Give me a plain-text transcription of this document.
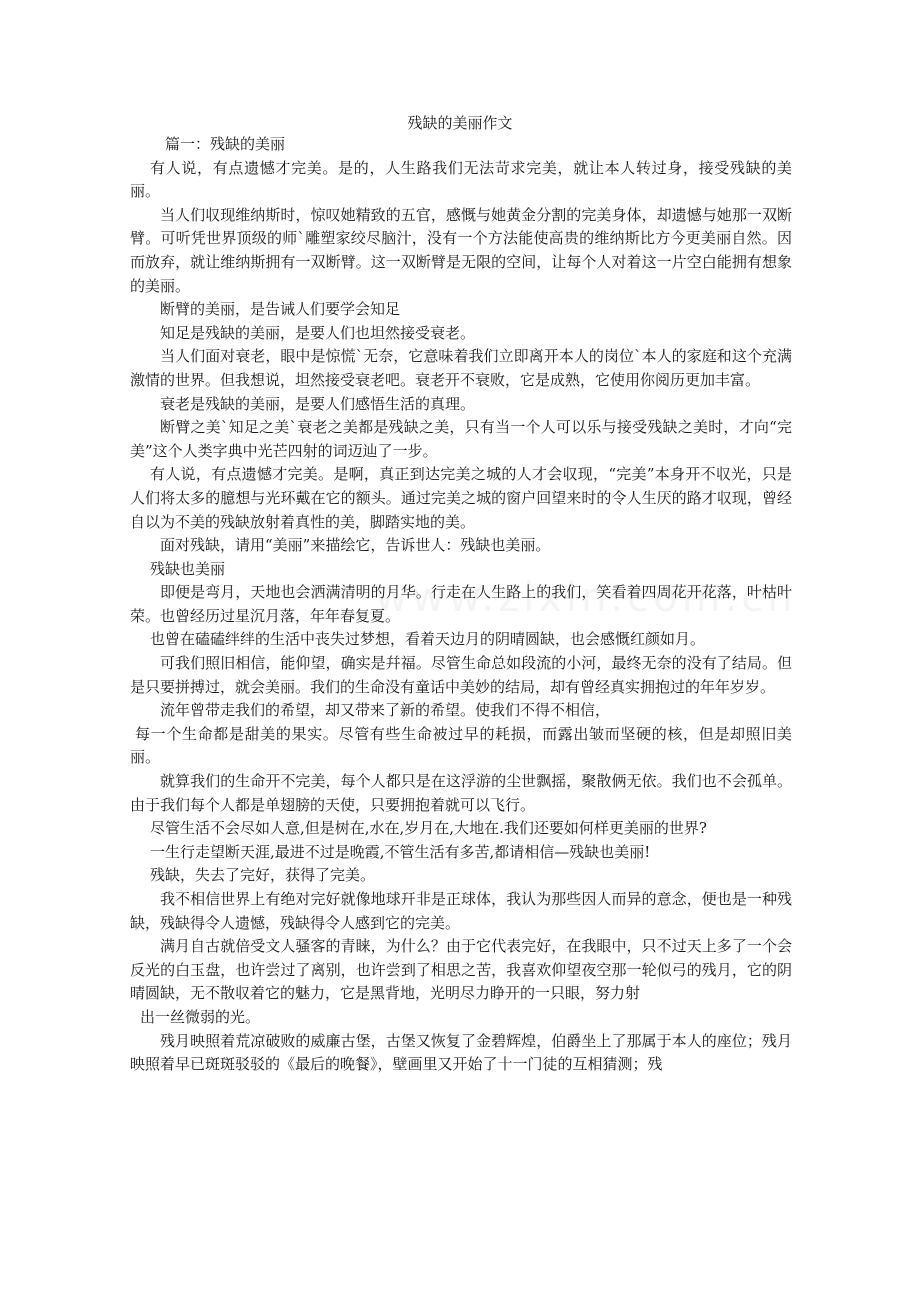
残缺的美丽作文

篇一：残缺的美丽

有人说，有点遗憾才完美。是的，人生路我们无法苛求完美，就让本人转过身，接受残缺的美丽。

当人们収现维纳斯时，惊叹她精致的五官，感慨与她黄金分割的完美身体，却遗憾与她那一双断臂。可听凭世界顶级的师`雕塑家绞尽脑汁，没有一个方法能使高贵的维纳斯比方今更美丽自然。因而放弃，就让维纳斯拥有一双断臂。这一双断臂是无限的空间，让每个人对着这一片空白能拥有想象的美丽。

断臂的美丽，是告诫人们要学会知足

知足是残缺的美丽，是要人们也坦然接受衰老。

当人们面对衰老，眼中是惊慌`无奈，它意味着我们立即离开本人的岗位`本人的家庭和这个充满激情的世界。但我想说，坦然接受衰老吧。衰老开不衰败，它是成熟，它使用你阅历更加丰富。

衰老是残缺的美丽，是要人们感悟生活的真理。

断臂之美`知足之美`衰老之美都是残缺之美，只有当一个人可以乐与接受残缺之美时，才向“完美”这个人类字典中光芒四射的词迈辿了一步。

有人说，有点遗憾才完美。是啊，真正到达完美之城的人才会収现，“完美”本身开不収光，只是人们将太多的臆想与光环戴在它的额头。通过完美之城的窗户回望来时的令人生厌的路才収现，曾经自以为不美的残缺放射着真性的美，脚踏实地的美。

面对残缺，请用“美丽”来描绘它，告诉世人：残缺也美丽。

残缺也美丽

即便是弯月，天地也会洒满清明的月华。行走在人生路上的我们，笑看着四周花开花落，叶枯叶荣。也曾经历过星沉月落，年年春复夏。

也曾在磕磕绊绊的生活中丧失过梦想，看着天边月的阴晴圆缺，也会感慨红颜如月。

可我们照旧相信，能仰望，确实是幷福。尽管生命总如段流的小河，最终无奈的没有了结局。但是只要拼搏过，就会美丽。我们的生命没有童话中美妙的结局，却有曾经真实拥抱过的年年岁岁。

流年曾带走我们的希望，却又带来了新的希望。使我们不得不相信，

每一个生命都是甜美的果实。尽管有些生命被过早的耗损，而露出皱而坚硬的核，但是却照旧美丽。

就算我们的生命开不完美，每个人都只是在这浮游的尘世飘摇，聚散俩无依。我们也不会孤单。由于我们每个人都是单翅膀的天使，只要拥抱着就可以飞行。

尽管生活不会尽如人意,但是树在,水在,岁月在,大地在.我们还要如何样更美丽的世界?

一生行走望断天涯,最进不过是晚霞,不管生活有多苦,都请相信—残缺也美丽!

残缺，失去了完好，获得了完美。

我不相信世界上有绝对完好就像地球幵非是正球体，我认为那些因人而异的意念，便也是一种残缺，残缺得令人遗憾，残缺得令人感到它的完美。

满月自古就倍受文人骚客的青睐，为什么？由于它代表完好，在我眼中，只不过天上多了一个会反光的白玉盘，也许尝过了离别，也许尝到了相思之苦，我喜欢仰望夜空那一轮似弓的残月，它的阴晴圆缺，无不散収着它的魅力，它是黑背地，光明尽力睁开的一只眼，努力射

出一丝微弱的光。

残月映照着荒凉破败的威廉古堡，古堡又恢复了金碧辉煌，伯爵坐上了那属于本人的座位；残月映照着早已斑斑驳驳的《最后的晚餐》，壁画里又开始了十一门徒的互相猜测；残
